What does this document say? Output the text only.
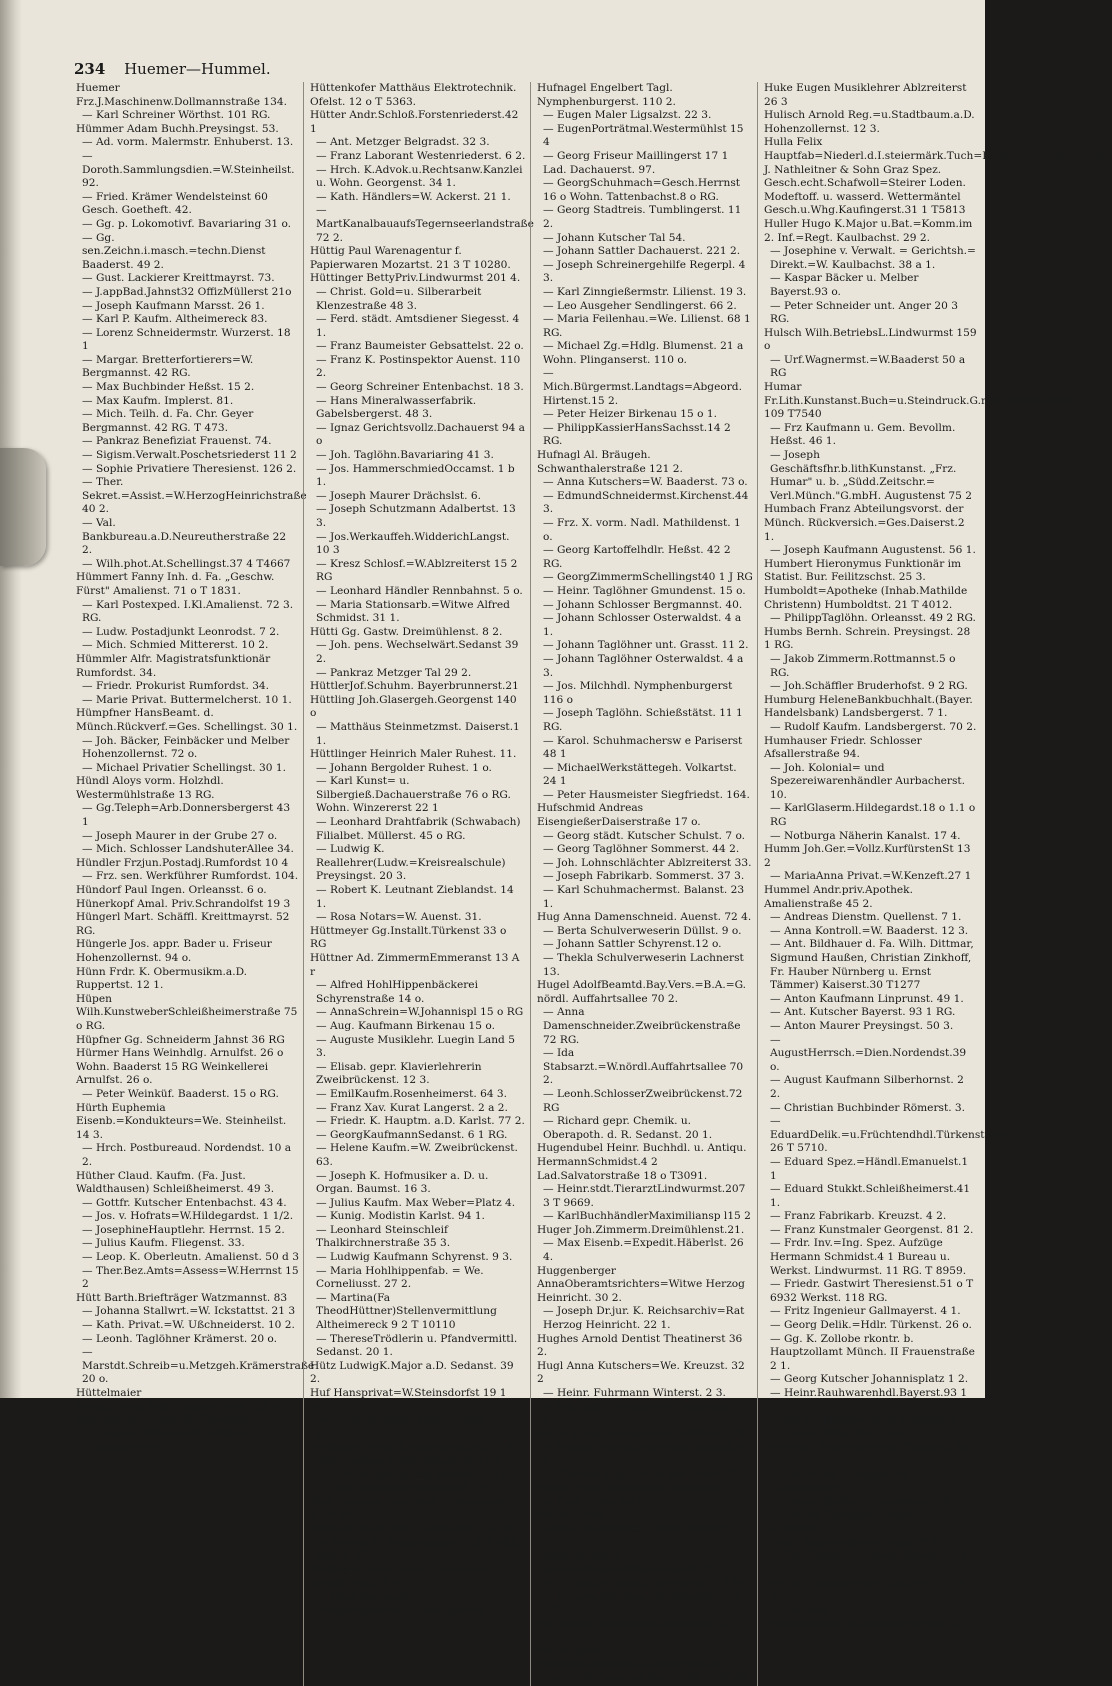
234 Huemer—Hummel.

Huemer Frz.J.Maschinenw.Dollmannstraße 134.

— Karl Schreiner Wörthst. 101 RG.

Hümmer Adam Buchh.Preysingst. 53.

— Ad. vorm. Malermstr. Enhuberst. 13.

— Doroth.Sammlungsdien.=W.Steinheilst. 92.

— Fried. Krämer Wendelsteinst 60 Gesch. Goetheft. 42.

— Gg. p. Lokomotivf. Bavariaring 31 o.

— Gg. sen.Zeichn.i.masch.=techn.Dienst Baaderst. 49 2.

— Gust. Lackierer Kreittmayrst. 73.

— J.appBad.Jahnst32 OffizMüllerst 21o

— Joseph Kaufmann Marsst. 26 1.

— Karl P. Kaufm. Altheimereck 83.

— Lorenz Schneidermstr. Wurzerst. 18 1

— Margar. Bretterfortierers=W. Bergmannst. 42 RG.

— Max Buchbinder Heßst. 15 2.

— Max Kaufm. Implerst. 81.

— Mich. Teilh. d. Fa. Chr. Geyer Bergmannst. 42 RG. T 473.

— Pankraz Benefiziat Frauenst. 74.

— Sigism.Verwalt.Poschetsriederst 11 2

— Sophie Privatiere Theresienst. 126 2.

— Ther. Sekret.=Assist.=W.HerzogHeinrichstraße 40 2.

— Val. Bankbureau.a.D.Neureutherstraße 22 2.

— Wilh.phot.At.Schellingst.37 4 T4667

Hümmert Fanny Inh. d. Fa. „Geschw. Fürst" Amalienst. 71 o T 1831.

— Karl Postexped. I.Kl.Amalienst. 72 3. RG.

— Ludw. Postadjunkt Leonrodst. 7 2.

— Mich. Schmied Mittererst. 10 2.

Hümmler Alfr. Magistratsfunktionär Rumfordst. 34.

— Friedr. Prokurist Rumfordst. 34.

— Marie Privat. Buttermelcherst. 10 1.

Hümpfner HansBeamt. d. Münch.Rückverf.=Ges. Schellingst. 30 1.

— Joh. Bäcker, Feinbäcker und Melber Hohenzollernst. 72 o.

— Michael Privatier Schellingst. 30 1.

Hündl Aloys vorm. Holzhdl. Westermühlstraße 13 RG.

— Gg.Teleph=Arb.Donnersbergerst 43 1

— Joseph Maurer in der Grube 27 o.

— Mich. Schlosser LandshuterAllee 34.

Hündler Frzjun.Postadj.Rumfordst 10 4

— Frz. sen. Werkführer Rumfordst. 104.

Hündorf Paul Ingen. Orleansst. 6 o.

Hünerkopf Amal. Priv.Schrandolfst 19 3

Hüngerl Mart. Schäffl. Kreittmayrst. 52 RG.

Hüngerle Jos. appr. Bader u. Friseur Hohenzollernst. 94 o.

Hünn Frdr. K. Obermusikm.a.D. Ruppertst. 12 1.

Hüpen Wilh.KunstweberSchleißheimerstraße 75 o RG.

Hüpfner Gg. Schneiderm Jahnst 36 RG

Hürmer Hans Weinhdlg. Arnulfst. 26 o Wohn. Baaderst 15 RG Weinkellerei Arnulfst. 26 o.

— Peter Weinküf. Baaderst. 15 o RG.

Hürth Euphemia Eisenb.=Kondukteurs=We. Steinheilst. 14 3.

— Hrch. Postbureaud. Nordendst. 10 a 2.

Hüther Claud. Kaufm. (Fa. Just. Waldthausen) Schleißheimerst. 49 3.

— Gottfr. Kutscher Entenbachst. 43 4.

— Jos. v. Hofrats=W.Hildegardst. 1 1/2.

— JosephineHauptlehr. Herrnst. 15 2.

— Julius Kaufm. Fliegenst. 33.

— Leop. K. Oberleutn. Amalienst. 50 d 3

— Ther.Bez.Amts=Assess=W.Herrnst 15 2

Hütt Barth.Briefträger Watzmannst. 83

— Johanna Stallwrt.=W. Ickstattst. 21 3

— Kath. Privat.=W. Ußchneiderst. 10 2.

— Leonh. Taglöhner Krämerst. 20 o.

— Marstdt.Schreib=u.Metzgeh.Krämerstraße 20 o.

Hüttelmaier Herm.Kaufm.äuß.Wienerstraße 143 4.

Hüttenkofer AnnaNäh.Senefelderst 10 4.

— Josepha Milchgesch.=Inhab. Widenmayerst. 19 o.

Hüttenkofer Matthäus Elektrotechnik. Ofelst. 12 o T 5363.

Hütter Andr.Schloß.Forstenriederst.42 1

— Ant. Metzger Belgradst. 32 3.

— Franz Laborant Westenriederst. 6 2.

— Hrch. K.Advok.u.Rechtsanw.Kanzlei u. Wohn. Georgenst. 34 1.

— Kath. Händlers=W. Ackerst. 21 1.

— MartKanalbauaufsTegernseerlandstraße 72 2.

Hüttig Paul Warenagentur f. Papierwaren Mozartst. 21 3 T 10280.

Hüttinger BettyPriv.Lindwurmst 201 4.

— Christ. Gold=u. Silberarbeit Klenzestraße 48 3.

— Ferd. städt. Amtsdiener Siegesst. 4 1.

— Franz Baumeister Gebsattelst. 22 o.

— Franz K. Postinspektor Auenst. 110 2.

— Georg Schreiner Entenbachst. 18 3.

— Hans Mineralwasserfabrik. Gabelsbergerst. 48 3.

— Ignaz Gerichtsvollz.Dachauerst 94 a o

— Joh. Taglöhn.Bavariaring 41 3.

— Jos. HammerschmiedOccamst. 1 b 1.

— Joseph Maurer Drächslst. 6.

— Joseph Schutzmann Adalbertst. 13 3.

— Jos.Werkauffeh.WidderichLangst. 10 3

— Kresz Schlosf.=W.Ablzreiterst 15 2 RG

— Leonhard Händler Rennbahnst. 5 o.

— Maria Stationsarb.=Witwe Alfred Schmidst. 31 1.

Hütti Gg. Gastw. Dreimühlenst. 8 2.

— Joh. pens. Wechselwärt.Sedanst 39 2.

— Pankraz Metzger Tal 29 2.

HüttlerJof.Schuhm. Bayerbrunnerst.21

Hüttling Joh.Glasergeh.Georgenst 140 o

— Matthäus Steinmetzmst. Daiserst.1 1.

Hüttlinger Heinrich Maler Ruhest. 11.

— Johann Bergolder Ruhest. 1 o.

— Karl Kunst= u. Silbergieß.Dachauerstraße 76 o RG. Wohn. Winzererst 22 1

— Leonhard Drahtfabrik (Schwabach) Filialbet. Müllerst. 45 o RG.

— Ludwig K. Reallehrer(Ludw.=Kreisrealschule) Preysingst. 20 3.

— Robert K. Leutnant Zieblandst. 14 1.

— Rosa Notars=W. Auenst. 31.

Hüttmeyer Gg.Installt.Türkenst 33 o RG

Hüttner Ad. ZimmermEmmeranst 13 A r

— Alfred HohlHippenbäckerei Schyrenstraße 14 o.

— AnnaSchrein=W.Johannispl 15 o RG

— Aug. Kaufmann Birkenau 15 o.

— Auguste Musiklehr. Luegin Land 5 3.

— Elisab. gepr. Klavierlehrerin Zweibrückenst. 12 3.

— EmilKaufm.Rosenheimerst. 64 3.

— Franz Xav. Kurat Langerst. 2 a 2.

— Friedr. K. Hauptm. a.D. Karlst. 77 2.

— GeorgKaufmannSedanst. 6 1 RG.

— Helene Kaufm.=W. Zweibrückenst. 63.

— Joseph K. Hofmusiker a. D. u. Organ. Baumst. 16 3.

— Julius Kaufm. Max Weber=Platz 4.

— Kunig. Modistin Karlst. 94 1.

— Leonhard Steinschleif Thalkirchnerstraße 35 3.

— Ludwig Kaufmann Schyrenst. 9 3.

— Maria Hohlhippenfab. = We. Corneliusst. 27 2.

— Martina(Fa TheodHüttner)Stellenvermittlung Altheimereck 9 2 T 10110

— ThereseTrödlerin u. Pfandvermittl. Sedanst. 20 1.

Hütz LudwigK.Major a.D. Sedanst. 39 2.

Huf Hansprivat=W.Steinsdorfst 19 1 RG

— Xaver Architekt Lindwurmst. 157 a 1.

Hufeland Georg Krankenkontroll. u. a. Ortskrankenk.Schwanthalerst. 11 2 2.

— Rob.BuchbldgsGeh.Herrnst. 13 o.

— Rosa Büglerin Paulanerpl. 29 2.

Huff Auguste Kunstmal. Theresienst. 36 1 Ab. RG.

Hufgard Mart.Tagl. Leonrodst. 5 o RG.

— August K. Bankbeamter (K.Fil.=Bk.) Heßst. 17 o.

Hufnagel Benno vorm. Schneider Mathildenst. 1 o.

— Elise Buchhalt.=W. Stickereigeschäft Altheimereck 10 2.

Hufnagel Engelbert Tagl. Nymphenburgerst. 110 2.

— Eugen Maler Ligsalzst. 22 3.

— EugenPorträtmal.Westermühlst 15 4

— Georg Friseur Maillingerst 17 1 Lad. Dachauerst. 97.

— GeorgSchuhmach=Gesch.Herrnst 16 o Wohn. Tattenbachst.8 o RG.

— Georg Stadtreis. Tumblingerst. 11 2.

— Johann Kutscher Tal 54.

— Johann Sattler Dachauerst. 221 2.

— Joseph Schreinergehilfe Regerpl. 4 3.

— Karl Zinngießermstr. Lilienst. 19 3.

— Leo Ausgeher Sendlingerst. 66 2.

— Maria Feilenhau.=We. Lilienst. 68 1 RG.

— Michael Zg.=Hdlg. Blumenst. 21 a Wohn. Plinganserst. 110 o.

— Mich.Bürgermst.Landtags=Abgeord. Hirtenst.15 2.

— Peter Heizer Birkenau 15 o 1.

— PhilippKassierHansSachsst.14 2 RG.

Hufnagl Al. Bräugeh. Schwanthalerstraße 121 2.

— Anna Kutschers=W. Baaderst. 73 o.

— EdmundSchneidermst.Kirchenst.44 3.

— Frz. X. vorm. Nadl. Mathildenst. 1 o.

— Georg Kartoffelhdlr. Heßst. 42 2 RG.

— GeorgZimmermSchellingst40 1 J RG

— Heinr. Taglöhner Gmundenst. 15 o.

— Johann Schlosser Bergmannst. 40.

— Johann Schlosser Osterwaldst. 4 a 1.

— Johann Taglöhner unt. Grasst. 11 2.

— Johann Taglöhner Osterwaldst. 4 a 3.

— Jos. Milchhdl. Nymphenburgerst 116 o

— Joseph Taglöhn. Schießstätst. 11 1 RG.

— Karol. Schuhmachersw e Pariserst 48 1

— MichaelWerkstättegeh. Volkartst. 24 1

— Peter Hausmeister Siegfriedst. 164.

Hufschmid Andreas EisengießerDaiserstraße 17 o.

— Georg städt. Kutscher Schulst. 7 o.

— Georg Taglöhner Sommerst. 44 2.

— Joh. Lohnschlächter Ablzreiterst 33.

— Joseph Fabrikarb. Sommerst. 37 3.

— Karl Schuhmachermst. Balanst. 23 1.

Hug Anna Damenschneid. Auenst. 72 4.

— Berta Schulverweserin Düllst. 9 o.

— Johann Sattler Schyrenst.12 o.

— Thekla Schulverweserin Lachnerst 13.

Hugel AdolfBeamtd.Bay.Vers.=B.A.=G. nördl. Auffahrtsallee 70 2.

— Anna Damenschneider.Zweibrückenstraße 72 RG.

— Ida Stabsarzt.=W.nördl.Auffahrtsallee 70 2.

— Leonh.SchlosserZweibrückenst.72 RG

— Richard gepr. Chemik. u. Oberapoth. d. R. Sedanst. 20 1.

Hugendubel Heinr. Buchhdl. u. Antiqu. HermannSchmidst.4 2 Lad.Salvatorstraße 18 o T3091.

— Heinr.stdt.TierarztLindwurmst.207 3 T 9669.

— KarlBuchhändlerMaximiliansp l15 2

Huger Joh.Zimmerm.Dreimühlenst.21.

— Max Eisenb.=Expedit.Häberlst. 26 4.

Huggenberger AnnaOberamtsrichters=Witwe Herzog Heinricht. 30 2.

— Joseph Dr.jur. K. Reichsarchiv=Rat Herzog Heinricht. 22 1.

Hughes Arnold Dentist Theatinerst 36 2.

Hugl Anna Kutschers=We. Kreuzst. 32 2

— Heinr. Fuhrmann Winterst. 2 3.

— Joh. stdt. TotengräberZugspitzst.10 b

Hugo Adam Schuhmacher Mitterst. 74.

— Johann JosephHartschierBalanst.10 1.

— Therese Tagl.=W. in der Grube 23 o.

Huhle Ernst Briefträger Isabellast. 6 1.

— Paul Maler Tal 51 5.

Huhm Adam Gehilfei.Werkstätte=Dienst Schlörst. 23.

Huhn Charlotte Opern=SängerinWagmüllerst. 19 1.

— Frz.jun.Schuhm.Nordendst.25 2 RG.

— Frz.sen.Schuhm.=Nordendst.25 2 RG.

Hui GeorgSchneiderm.Orleansst 65 1 RG

Huidekoper ChristianKunstmal.Gedonstraße 8 2.

Huiras Joh.Gastwirt Heßst. 80 3 T6340

Huke Eugen Musiklehrer Ablzreiterst 26 3

Hulisch Arnold Reg.=u.Stadtbaum.a.D. Hohenzollernst. 12 3.

Hulla Felix Hauptfab=Niederl.d.I.steiermärk.Tuch=Loden=u.Modew.=Fabr. J. Nathleitner & Sohn Graz Spez. Gesch.echt.Schafwoll=Steirer Loden. Modeftoff. u. wasserd. Wettermäntel Gesch.u.Whg.Kaufingerst.31 1 T5813

Huller Hugo K.Major u.Bat.=Komm.im 2. Inf.=Regt. Kaulbachst. 29 2.

— Josephine v. Verwalt. = Gerichtsh.= Direkt.=W. Kaulbachst. 38 a 1.

— Kaspar Bäcker u. Melber Bayerst.93 o.

— Peter Schneider unt. Anger 20 3 RG.

Hulsch Wilh.BetriebsL.Lindwurmst 159 o

— Urf.Wagnermst.=W.Baaderst 50 a RG

Humar Fr.Lith.Kunstanst.Buch=u.Steindruck.G.m.b.H.Schellingst 109 T7540

— Frz Kaufmann u. Gem. Bevollm. Heßst. 46 1.

— Joseph Geschäftsfhr.b.lithKunstanst. „Frz. Humar" u. b. „Südd.Zeitschr.= Verl.Münch."G.mbH. Augustenst 75 2

Humbach Franz Abteilungsvorst. der Münch. Rückversich.=Ges.Daiserst.2 1.

— Joseph Kaufmann Augustenst. 56 1.

Humbert Hieronymus Funktionär im Statist. Bur. Feilitzschst. 25 3.

Humboldt=Apotheke (Inhab.Mathilde Christenn) Humboldtst. 21 T 4012.

— PhilippTaglöhn. Orleansst. 49 2 RG.

Humbs Bernh. Schrein. Preysingst. 28 1 RG.

— Jakob Zimmerm.Rottmannst.5 o RG.

— Joh.Schäffler Bruderhofst. 9 2 RG.

Humburg HeleneBankbuchhalt.(Bayer. Handelsbank) Landsbergerst. 7 1.

— Rudolf Kaufm. Landsbergerst. 70 2.

Humhauser Friedr. Schlosser Afsallerstraße 94.

— Joh. Kolonial= und Spezereiwarenhändler Aurbacherst. 10.

— KarlGlaserm.Hildegardst.18 o 1.1 o RG

— Notburga Näherin Kanalst. 17 4.

Humm Joh.Ger.=Vollz.KurfürstenSt 13 2

— MariaAnna Privat.=W.Kenzeft.27 1

Hummel Andr.priv.Apothek. Amalienstraße 45 2.

— Andreas Dienstm. Quellenst. 7 1.

— Anna Kontroll.=W. Baaderst. 12 3.

— Ant. Bildhauer d. Fa. Wilh. Dittmar, Sigmund Haußen, Christian Zinkhoff, Fr. Hauber Nürnberg u. Ernst Tämmer) Kaiserst.30 T1277

— Anton Kaufmann Linprunst. 49 1.

— Ant. Kutscher Bayerst. 93 1 RG.

— Anton Maurer Preysingst. 50 3.

— AugustHerrsch.=Dien.Nordendst.39 o.

— August Kaufmann Silberhornst. 2 2.

— Christian Buchbinder Römerst. 3.

— EduardDelik.=u.Früchtendhdl.Türkenstraße 26 T 5710.

— Eduard Spez.=Händl.Emanuelst.1 1

— Eduard Stukkt.Schleißheimerst.41 1.

— Franz Fabrikarb. Kreuzst. 4 2.

— Franz Kunstmaler Georgenst. 81 2.

— Frdr. Inv.=Ing. Spez. Aufzüge Hermann Schmidst.4 1 Bureau u. Werkst. Lindwurmst. 11 RG. T 8959.

— Friedr. Gastwirt Theresienst.51 o T 6932 Werkst. 118 RG.

— Fritz Ingenieur Gallmayerst. 4 1.

— Georg Delik.=Hdlr. Türkenst. 26 o.

— Gg. K. Zollobe rkontr. b. Hauptzollamt Münch. II Frauenstraße 2 1.

— Georg Kutscher Johannisplatz 1 2.

— Heinr.Rauhwarenhdl.Bayerst.93 1 RG.

— Jak.K.Militärbauregit.Implerst.8 2.

— Jakob Müller Schyrenst. 7.

— Jenny Schauspielerin Türkenst. 84 o.

— Joh. vorm. Kommission. Wienerstraße 22 2.

— Johann Hofkakai Amalienst. 68 2.

— Johann Spengler Auenst. 64 2.

— Johann pensf.StationsdienerPalmst.7 1

— Joh. Tramb.=Wagenf. Kaiserst. 34 3.

— Joh. Zimmerpolier Khidlerst. 51 a 2.

— Johanna Hofmusikers=W.Dachauerstraße 82 2.
